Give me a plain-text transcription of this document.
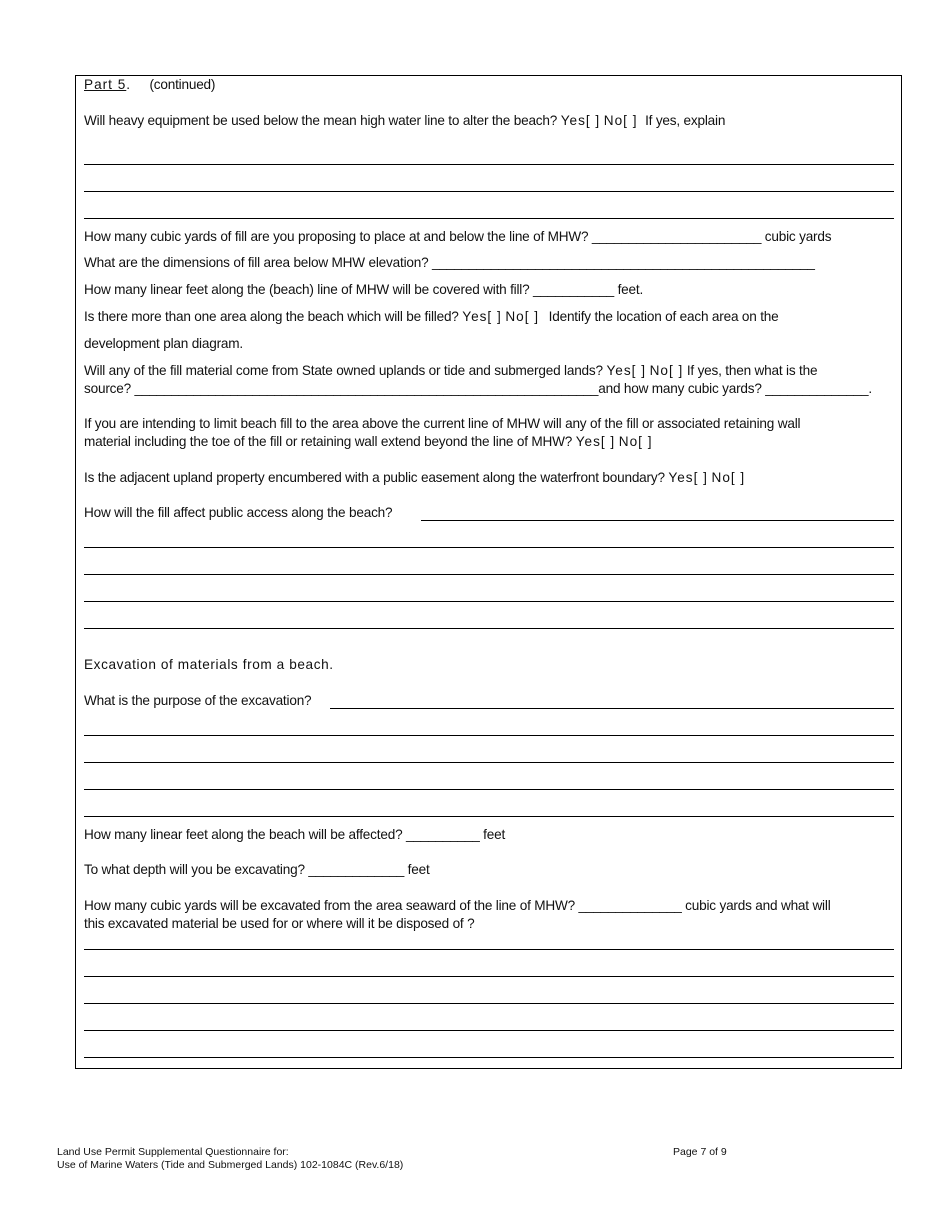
Part 5. (continued)
Will heavy equipment be used below the mean high water line to alter the beach? Yes[ ] No[ ] If yes, explain
How many cubic yards of fill are you proposing to place at and below the line of MHW? _______________________ cubic yards
What are the dimensions of fill area below MHW elevation? ____________________________________________________
How many linear feet along the (beach) line of MHW will be covered with fill? ___________ feet.
Is there more than one area along the beach which will be filled? Yes[ ] No[ ] Identify the location of each area on the
development plan diagram.
Will any of the fill material come from State owned uplands or tide and submerged lands? Yes[ ] No[ ] If yes, then what is the
source? _______________________________________________________________and how many cubic yards? ______________.
If you are intending to limit beach fill to the area above the current line of MHW will any of the fill or associated retaining wall
material including the toe of the fill or retaining wall extend beyond the line of MHW? Yes[ ] No[ ]
Is the adjacent upland property encumbered with a public easement along the waterfront boundary? Yes[ ] No[ ]
How will the fill affect public access along the beach?
Excavation of materials from a beach.
What is the purpose of the excavation?
How many linear feet along the beach will be affected? __________ feet
To what depth will you be excavating? _____________ feet
How many cubic yards will be excavated from the area seaward of the line of MHW? ______________ cubic yards and what will
this excavated material be used for or where will it be disposed of ?
Land Use Permit Supplemental Questionnaire for:
Use of Marine Waters (Tide and Submerged Lands) 102-1084C (Rev.6/18)
Page 7 of 9
